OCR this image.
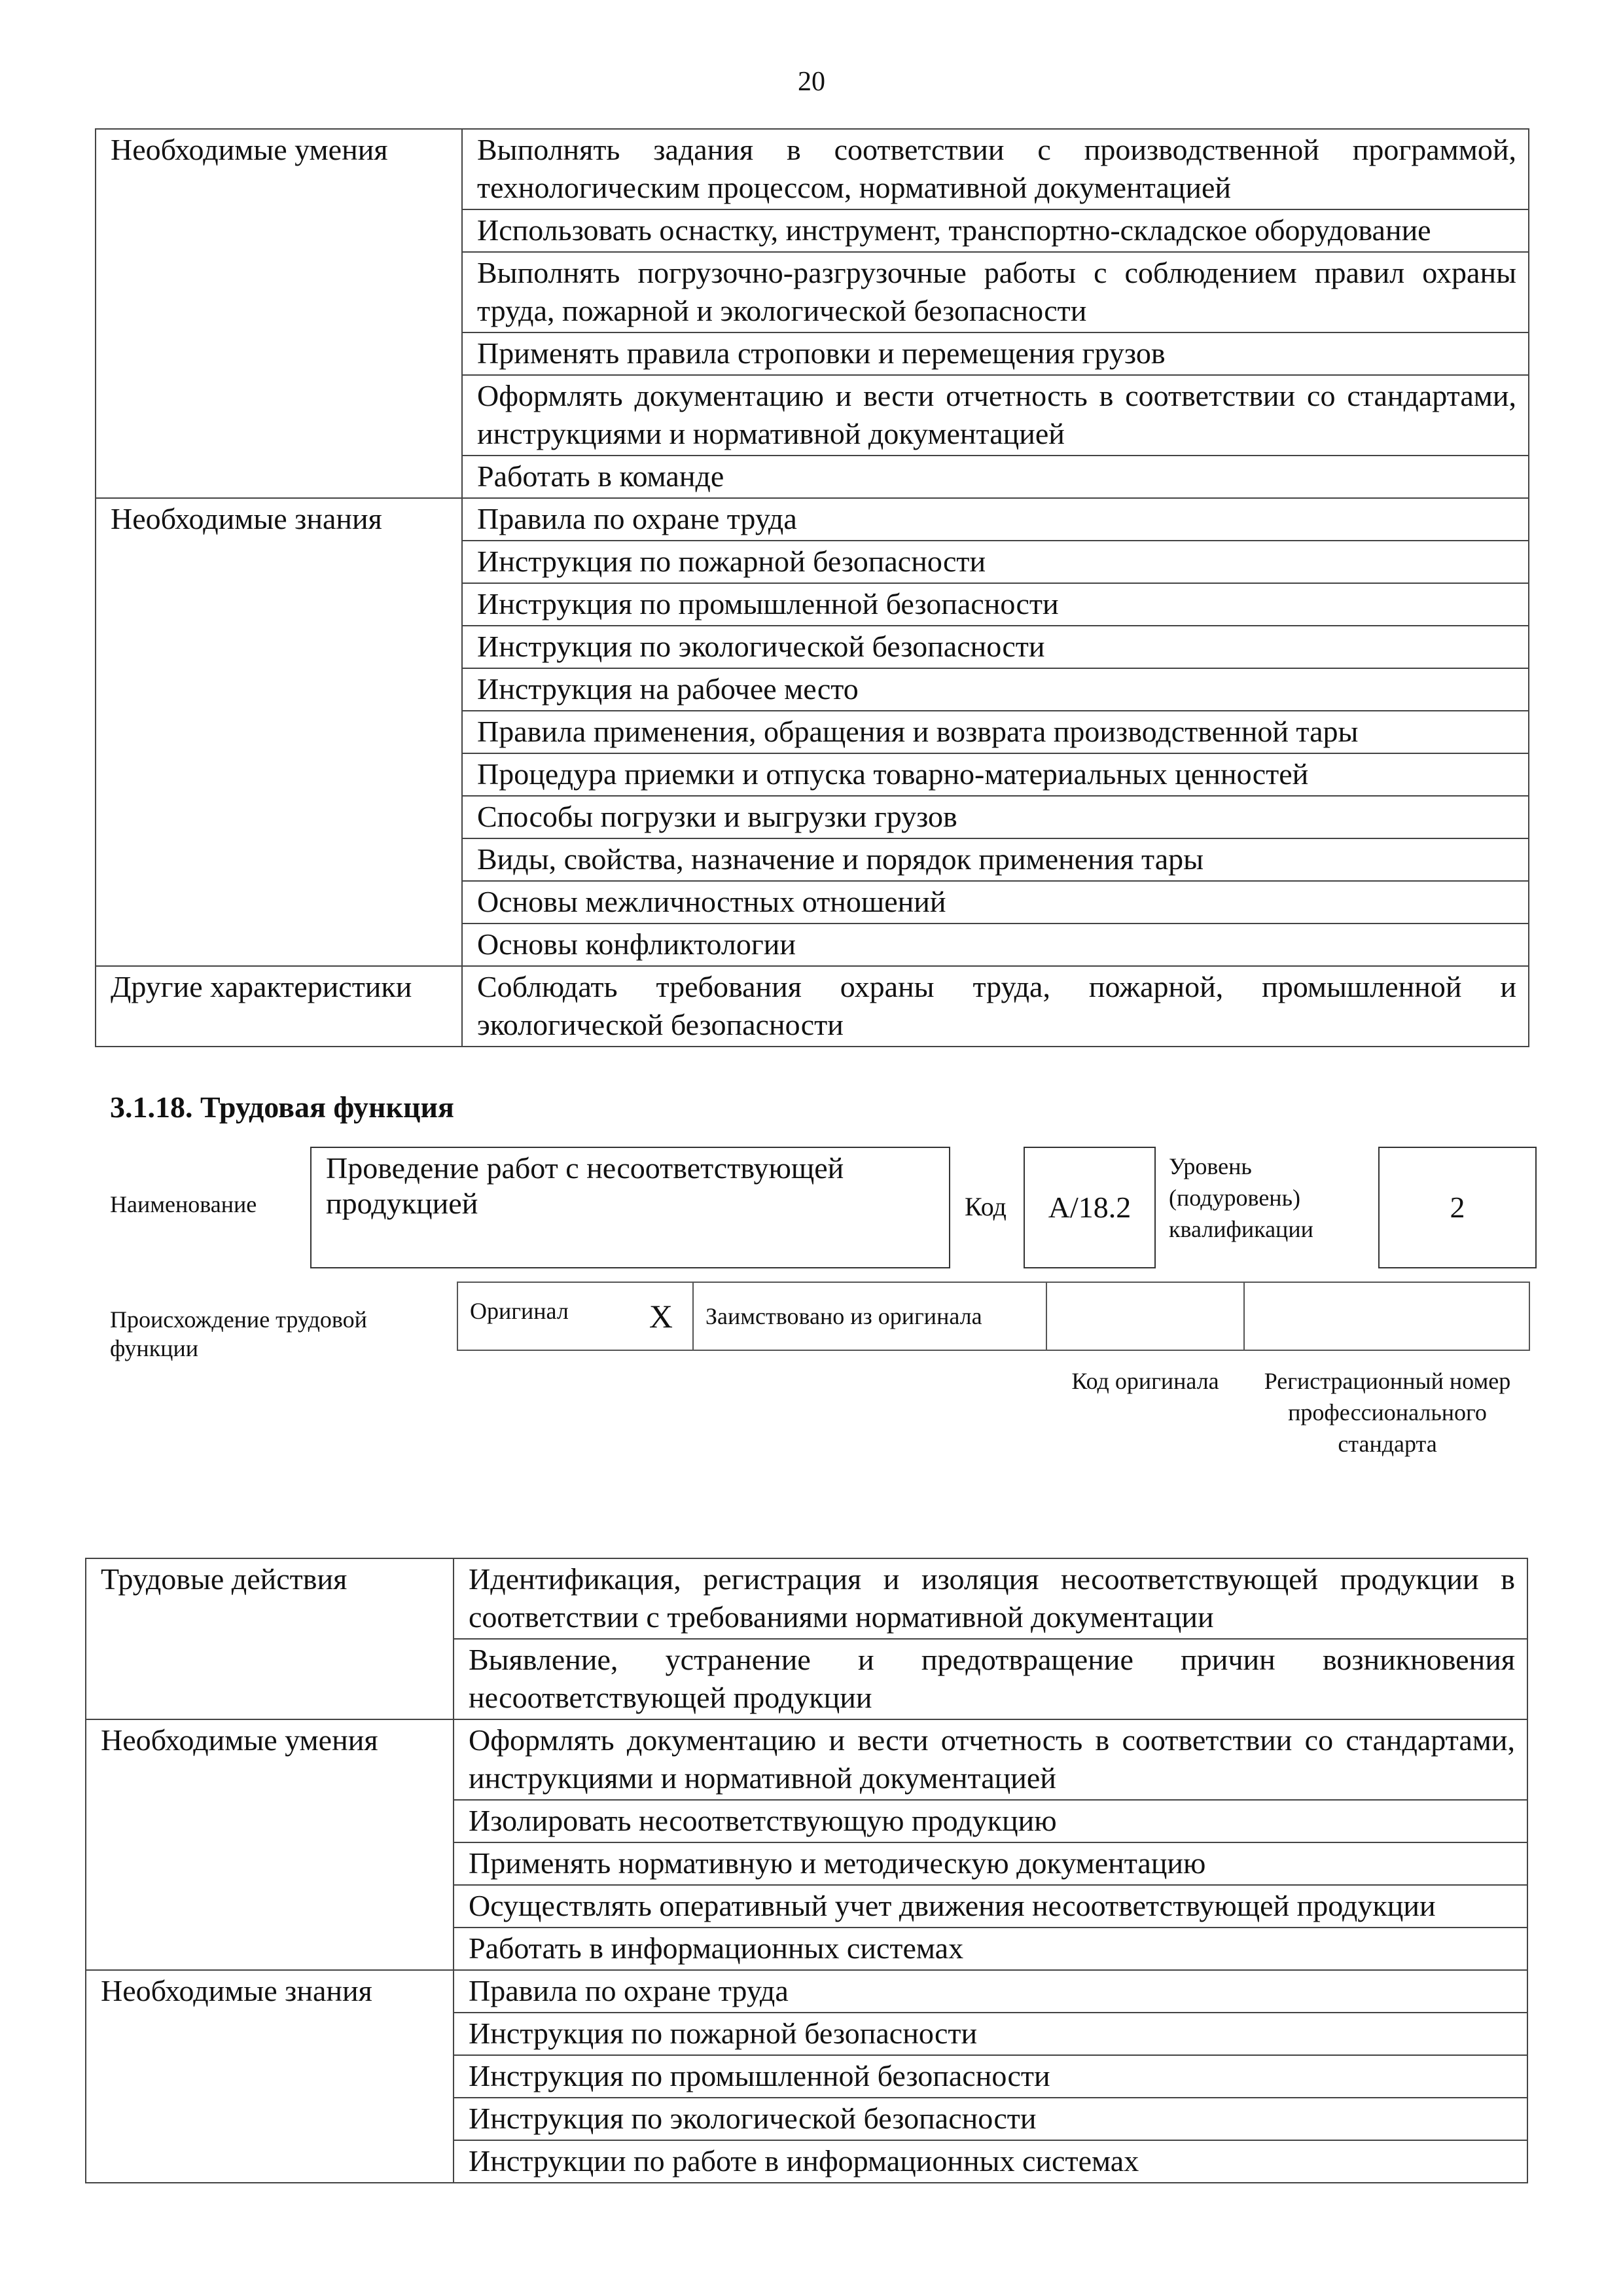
20
Необходимые умения	Выполнять задания в соответствии с производственной программой, технологическим процессом, нормативной документацией
	Использовать оснастку, инструмент, транспортно-складское оборудование
	Выполнять погрузочно-разгрузочные работы с соблюдением правил охраны труда, пожарной и экологической безопасности
	Применять правила строповки и перемещения грузов
	Оформлять документацию и вести отчетность в соответствии со стандартами, инструкциями и нормативной документацией
	Работать в команде
Необходимые знания	Правила по охране труда
	Инструкция по пожарной безопасности
	Инструкция по промышленной безопасности
	Инструкция по экологической безопасности
	Инструкция на рабочее место
	Правила применения, обращения и возврата производственной тары
	Процедура приемки и отпуска товарно-материальных ценностей
	Способы погрузки и выгрузки грузов
	Виды, свойства, назначение и порядок применения тары
	Основы межличностных отношений
	Основы конфликтологии
Другие характеристики	Соблюдать требования охраны труда, пожарной, промышленной и экологической безопасности
3.1.18. Трудовая функция
Наименование
Проведение работ с несоответствующей продукцией	Код А/18.2
Уровень (подуровень) квалификации
2
Происхождение трудовой функции
Оригинал X	Заимствовано из оригинала		
Код оригинала	Регистрационный номер профессионального стандарта
Трудовые действия	Идентификация, регистрация и изоляция несоответствующей продукции в соответствии с требованиями нормативной документации
	Выявление, устранение и предотвращение причин возникновения несоответствующей продукции
Необходимые умения	Оформлять документацию и вести отчетность в соответствии со стандартами, инструкциями и нормативной документацией
	Изолировать несоответствующую продукцию
	Применять нормативную и методическую документацию
	Осуществлять оперативный учет движения несоответствующей продукции
	Работать в информационных системах
Необходимые знания	Правила по охране труда
	Инструкция по пожарной безопасности
	Инструкция по промышленной безопасности
	Инструкция по экологической безопасности
	Инструкции по работе в информационных системах
